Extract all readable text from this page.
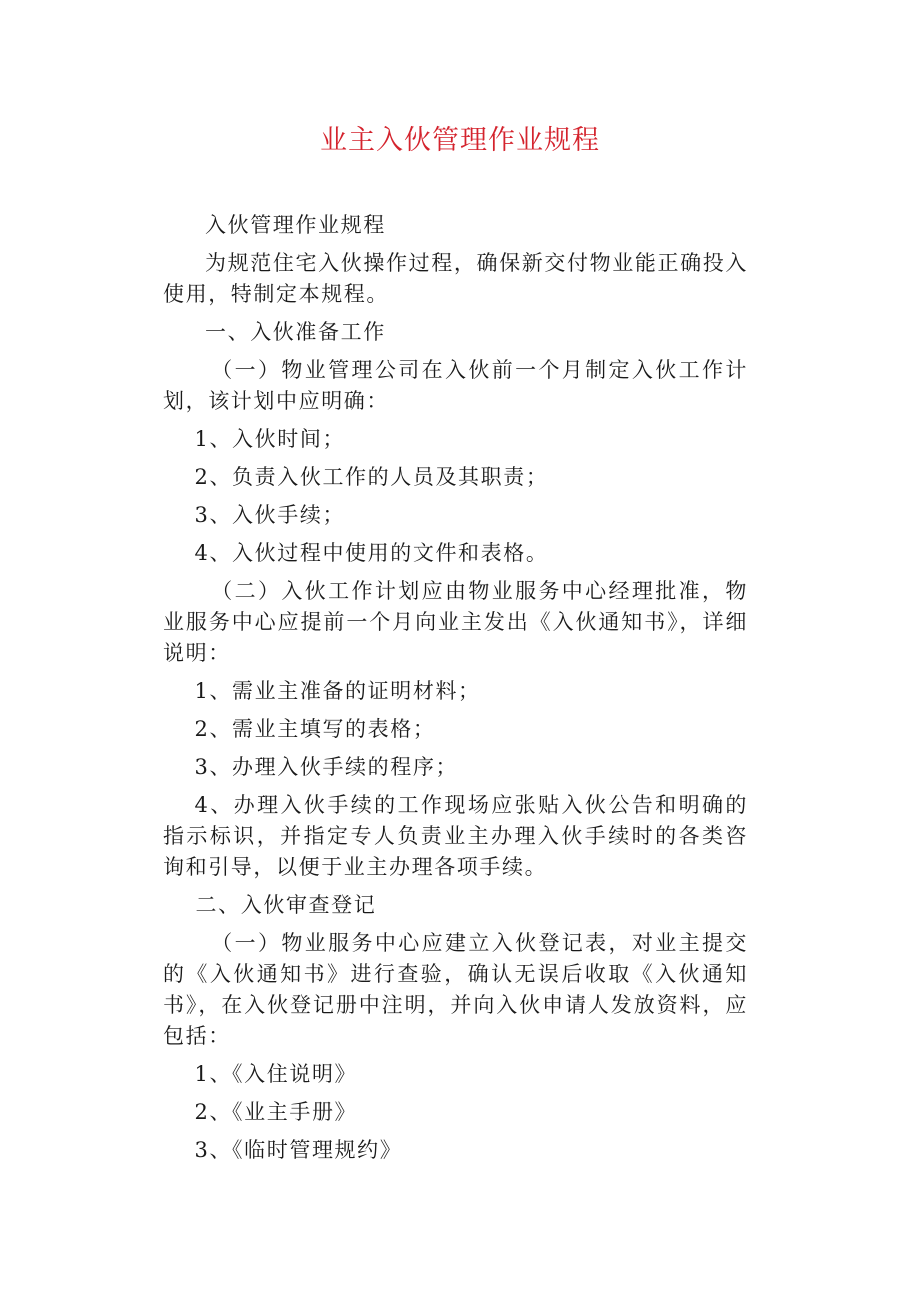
业主入伙管理作业规程

入伙管理作业规程

为规范住宅入伙操作过程，确保新交付物业能正确投入使用，特制定本规程。

一、入伙准备工作

（一）物业管理公司在入伙前一个月制定入伙工作计划，该计划中应明确：

1、入伙时间；

2、负责入伙工作的人员及其职责；

3、入伙手续；

4、入伙过程中使用的文件和表格。

（二）入伙工作计划应由物业服务中心经理批准，物业服务中心应提前一个月向业主发出《入伙通知书》，详细说明：

1、需业主准备的证明材料；

2、需业主填写的表格；

3、办理入伙手续的程序；

4、办理入伙手续的工作现场应张贴入伙公告和明确的指示标识，并指定专人负责业主办理入伙手续时的各类咨询和引导，以便于业主办理各项手续。

二、入伙审查登记

（一）物业服务中心应建立入伙登记表，对业主提交的《入伙通知书》进行查验，确认无误后收取《入伙通知书》，在入伙登记册中注明，并向入伙申请人发放资料，应包括：

1、《入住说明》

2、《业主手册》

3、《临时管理规约》
